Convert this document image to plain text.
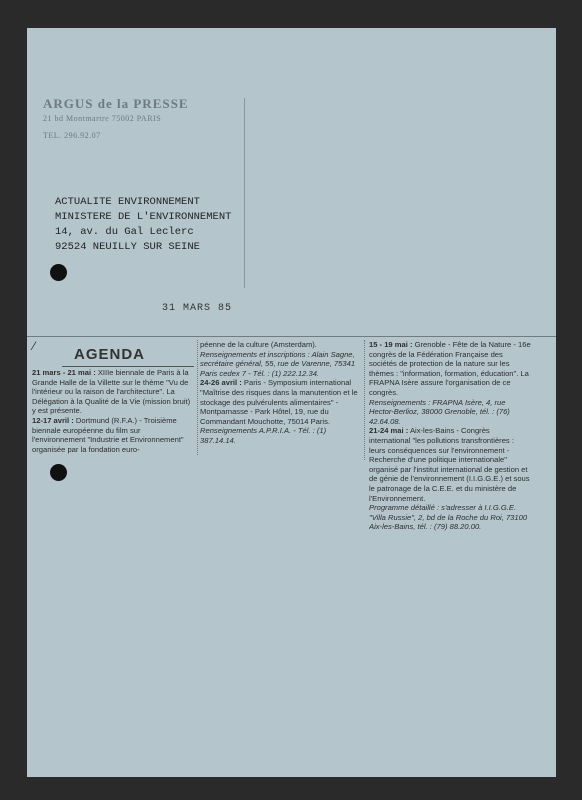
ARGUS de la PRESSE
21 bd Montmartre 75002 PARIS
TEL. 296.92.07
ACTUALITE ENVIRONNEMENT
MINISTERE DE L'ENVIRONNEMENT
14, av. du Gal Leclerc
92524 NEUILLY SUR SEINE
31 MARS 85
⁄	AGENDA

21 mars - 21 mai : XIIIe biennale de Paris à la Grande Halle de la Villette sur le thème "Vu de l'intérieur ou la raison de l'architecture". La Délégation à la Qualité de la Vie (mission bruit) y est présente.

12-17 avril : Dortmund (R.F.A.) - Troisième biennale européenne du film sur l'environnement "Industrie et Environnement" organisée par la fondation euro-

péenne de la culture (Amsterdam).

Renseignements et inscriptions : Alain Sagne, secrétaire général, 55, rue de Varenne, 75341 Paris cedex 7 - Tél. : (1) 222.12.34.

24-26 avril : Paris - Symposium international "Maîtrise des risques dans la manutention et le stockage des pulvérulents alimentaires" - Montparnasse - Park Hôtel, 19, rue du Commandant Mouchotte, 75014 Paris.

Renseignements A.P.R.I.A. - Tél. : (1) 387.14.14.

15 - 19 mai : Grenoble - Fête de la Nature - 16e congrès de la Fédération Française des sociétés de protection de la nature sur les thèmes : "information, formation, éducation". La FRAPNA Isère assure l'organisation de ce congrès.

Renseignements : FRAPNA Isère, 4, rue Hector-Berlioz, 38000 Grenoble, tél. : (76) 42.64.08.

21-24 mai : Aix-les-Bains - Congrès international "les pollutions transfrontières : leurs conséquences sur l'environnement - Recherche d'une politique internationale" organisé par l'institut international de gestion et de génie de l'environnement (I.I.G.G.E.) et sous le patronage de la C.E.E. et du ministère de l'Environnement.

Programme détaillé : s'adresser à I.I.G.G.E. "Villa Russie", 2, bd de la Roche du Roi, 73100 Aix-les-Bains, tél. : (79) 88.20.00.
